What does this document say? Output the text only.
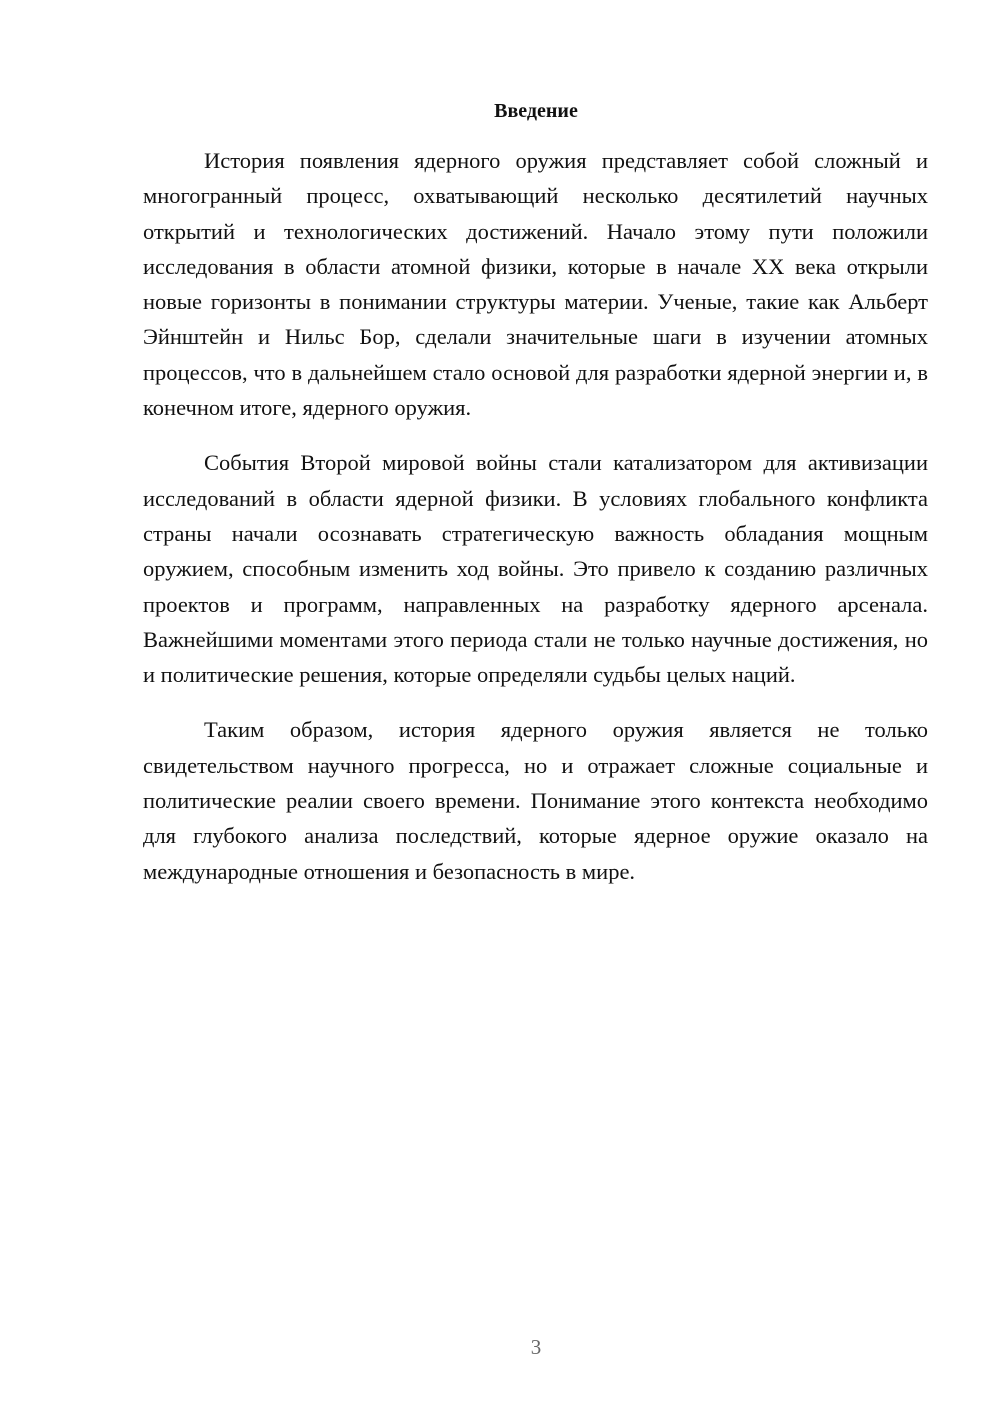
Введение

История появления ядерного оружия представляет собой сложный и многогранный процесс, охватывающий несколько десятилетий научных открытий и технологических достижений. Начало этому пути положили исследования в области атомной физики, которые в начале XX века открыли новые горизонты в понимании структуры материи. Ученые, такие как Альберт Эйнштейн и Нильс Бор, сделали значительные шаги в изучении атомных процессов, что в дальнейшем стало основой для разработки ядерной энергии и, в конечном итоге, ядерного оружия.

События Второй мировой войны стали катализатором для активизации исследований в области ядерной физики. В условиях глобального конфликта страны начали осознавать стратегическую важность обладания мощным оружием, способным изменить ход войны. Это привело к созданию различных проектов и программ, направленных на разработку ядерного арсенала. Важнейшими моментами этого периода стали не только научные достижения, но и политические решения, которые определяли судьбы целых наций.

Таким образом, история ядерного оружия является не только свидетельством научного прогресса, но и отражает сложные социальные и политические реалии своего времени. Понимание этого контекста необходимо для глубокого анализа последствий, которые ядерное оружие оказало на международные отношения и безопасность в мире.

3
